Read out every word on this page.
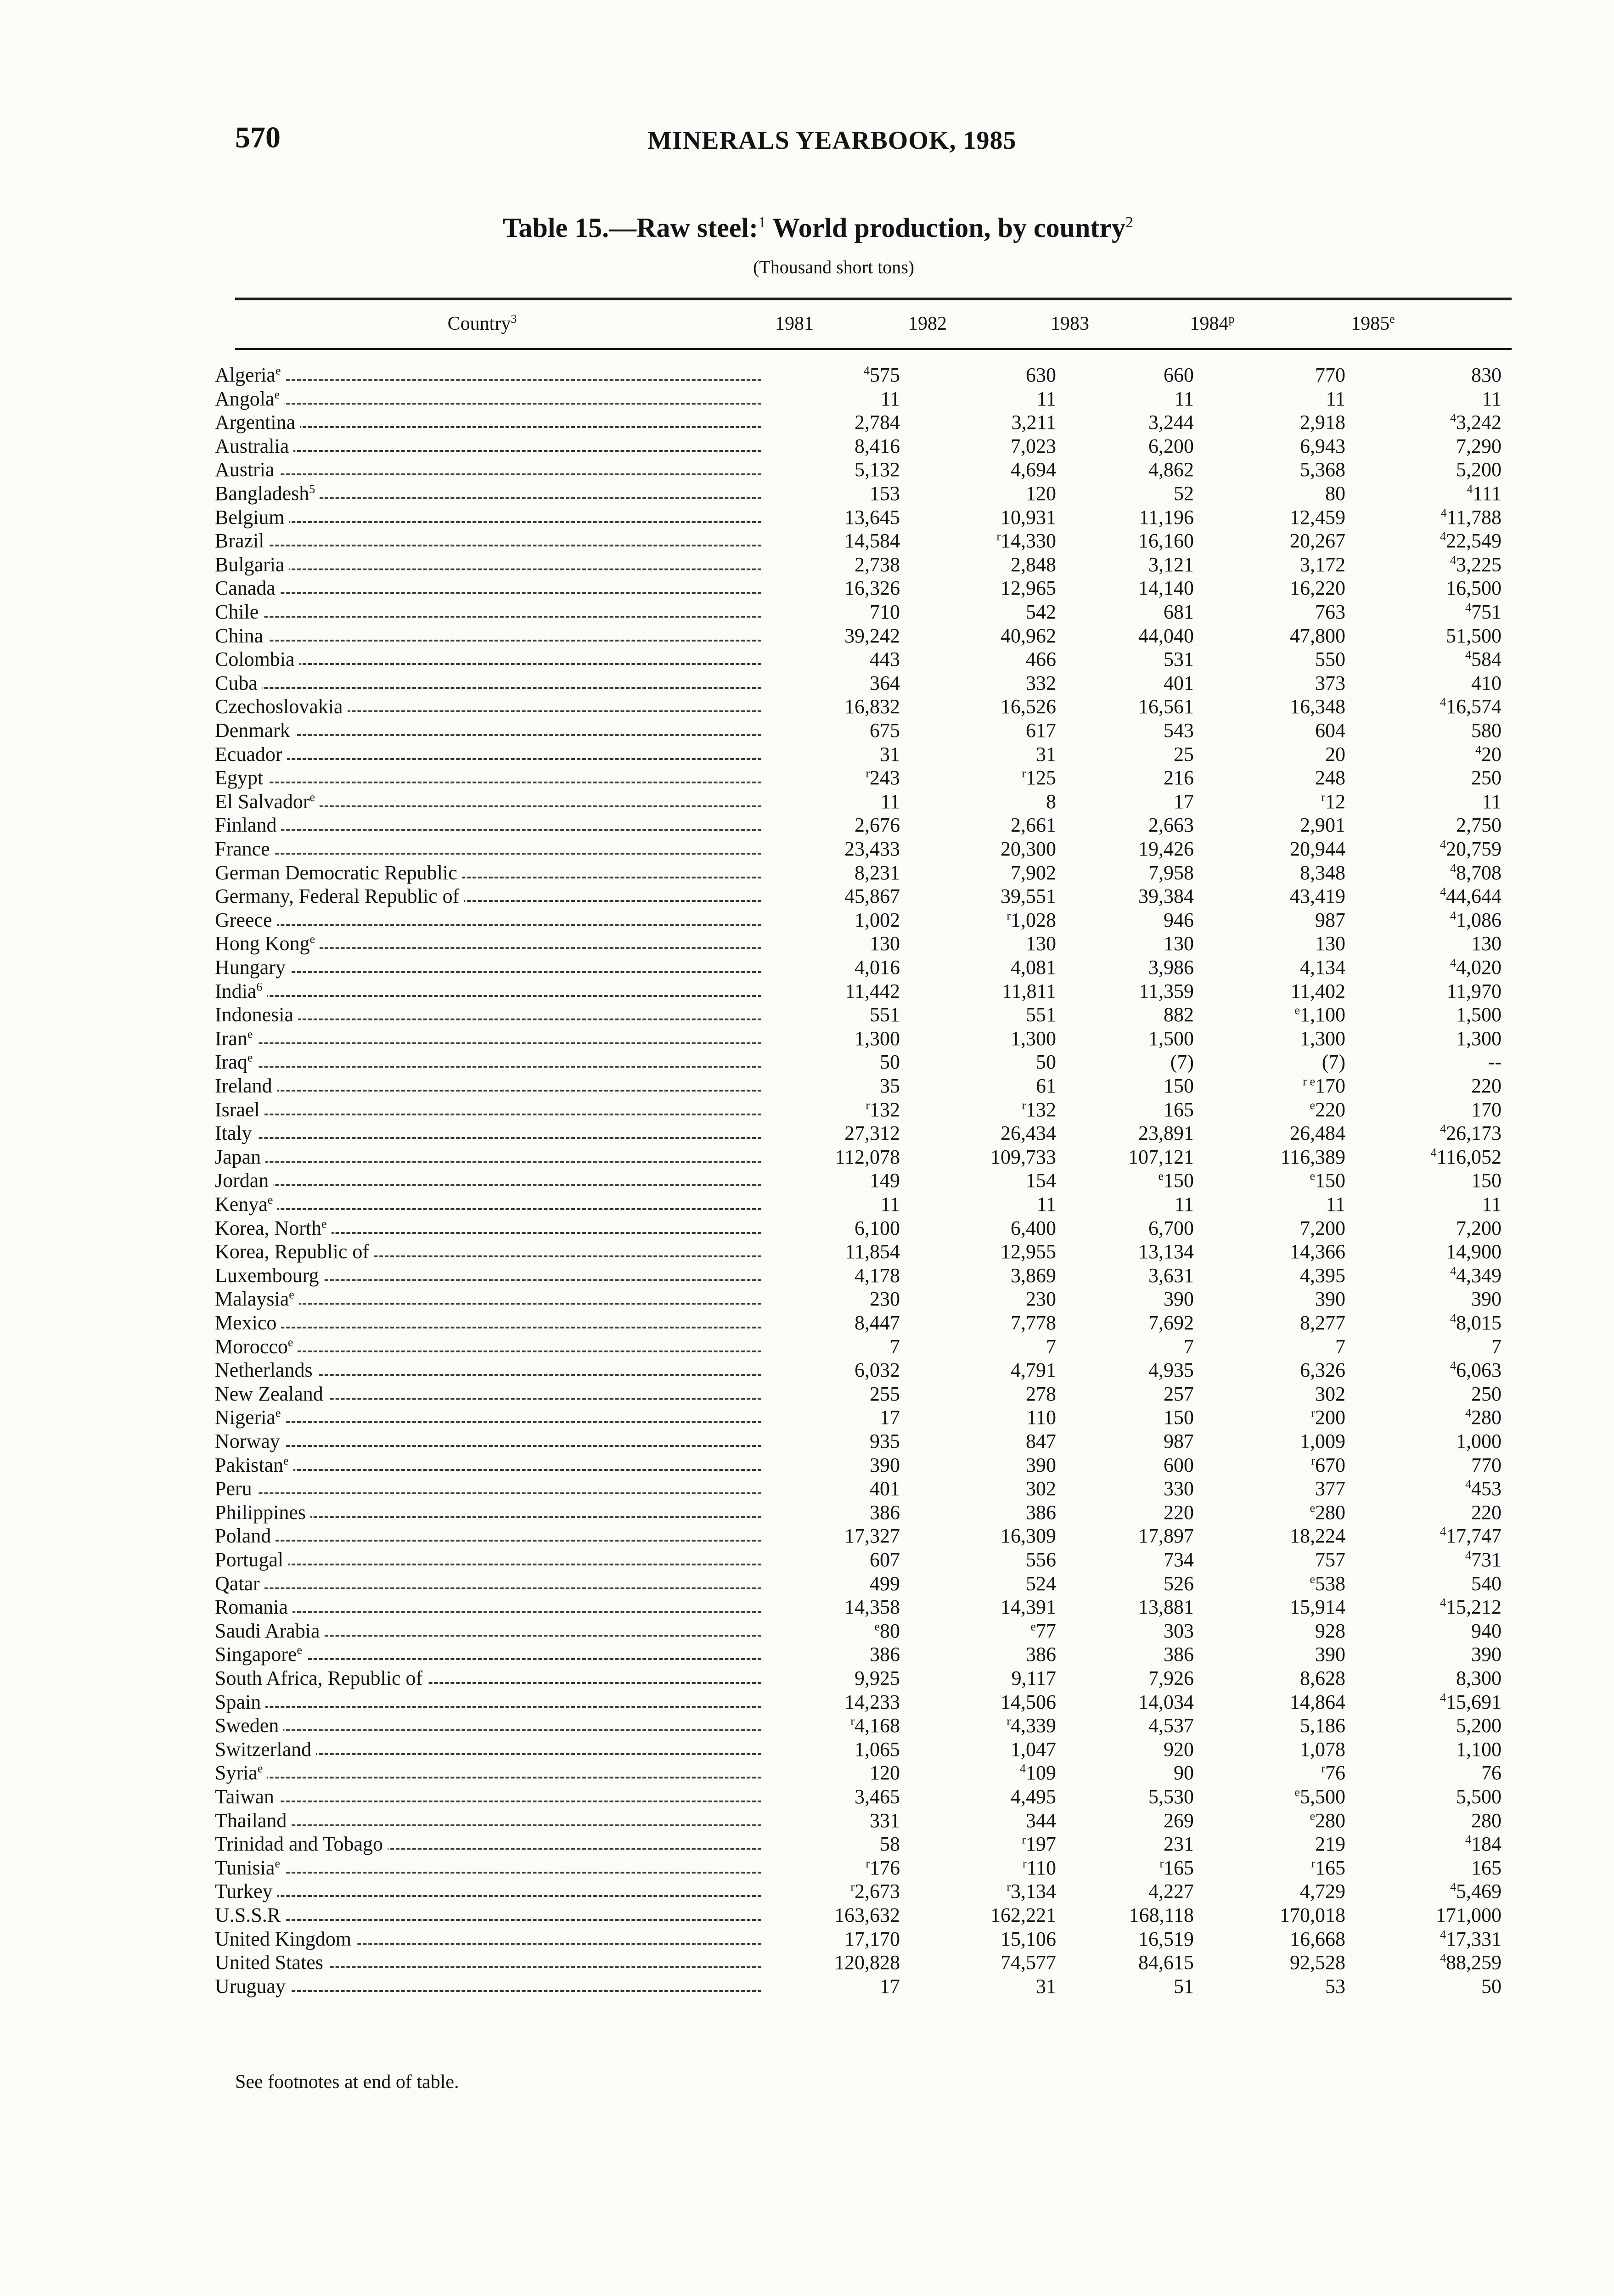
570	MINERALS YEARBOOK, 1985
Table 15.—Raw steel:$^1$ World production, by country$^2$
(Thousand short tons)
Country$^3$	1981	1982	1983	1984$^p$	1985e
Algeria$^e$	$^4$575	630	660	770	830
Angola$^e$	11	11	11	11	11
Argentina	2,784	3,211	3,244	2,918	$^4$3,242
Australia	8,416	7,023	6,200	6,943	7,290
Austria	5,132	4,694	4,862	5,368	5,200
Bangladesh$^5$	153	120	52	80	$^4$111
Belgium	13,645	10,931	11,196	12,459	$^4$11,788
Brazil	14,584	$^r$14,330	16,160	20,267	$^4$22,549
Bulgaria	2,738	2,848	3,121	3,172	$^4$3,225
Canada	16,326	12,965	14,140	16,220	16,500
Chile	710	542	681	763	$^4$751
China	39,242	40,962	44,040	47,800	51,500
Colombia	443	466	531	550	$^4$584
Cuba	364	332	401	373	410
Czechoslovakia	16,832	16,526	16,561	16,348	$^4$16,574
Denmark	675	617	543	604	580
Ecuador	31	31	25	20	$^4$20
Egypt	$^r$243	$^r$125	216	248	250
El Salvador$^e$	11	8	17	$^r$12	11
Finland	2,676	2,661	2,663	2,901	2,750
France	23,433	20,300	19,426	20,944	$^4$20,759
German Democratic Republic	8,231	7,902	7,958	8,348	$^4$8,708
Germany, Federal Republic of	45,867	39,551	39,384	43,419	$^4$44,644
Greece	1,002	$^r$1,028	946	987	$^4$1,086
Hong Kong$^e$	130	130	130	130	130
Hungary	4,016	4,081	3,986	4,134	$^4$4,020
India$^6$	11,442	11,811	11,359	11,402	11,970
Indonesia	551	551	882	$^e$1,100	1,500
Iran$^e$	1,300	1,300	1,500	1,300	1,300
Iraq$^e$	50	50	(7)	(7)	--
Ireland	35	61	150	$^{r e}$170	220
Israel	$^r$132	$^r$132	165	$^e$220	170
Italy	27,312	26,434	23,891	26,484	$^4$26,173
Japan	112,078	109,733	107,121	116,389	$^4$116,052
Jordan	149	154	$^e$150	$^e$150	150
Kenya$^e$	11	11	11	11	11
Korea, North$^e$	6,100	6,400	6,700	7,200	7,200
Korea, Republic of	11,854	12,955	13,134	14,366	14,900
Luxembourg	4,178	3,869	3,631	4,395	$^4$4,349
Malaysia$^e$	230	230	390	390	390
Mexico	8,447	7,778	7,692	8,277	$^4$8,015
Morocco$^e$	7	7	7	7	7
Netherlands	6,032	4,791	4,935	6,326	$^4$6,063
New Zealand	255	278	257	302	250
Nigeria$^e$	17	110	150	$^r$200	$^4$280
Norway	935	847	987	1,009	1,000
Pakistan$^e$	390	390	600	$^r$670	770
Peru	401	302	330	377	$^4$453
Philippines	386	386	220	$^e$280	220
Poland	17,327	16,309	17,897	18,224	$^4$17,747
Portugal	607	556	734	757	$^4$731
Qatar	499	524	526	$^e$538	540
Romania	14,358	14,391	13,881	15,914	$^4$15,212
Saudi Arabia	$^e$80	$^e$77	303	928	940
Singapore$^e$	386	386	386	390	390
South Africa, Republic of	9,925	9,117	7,926	8,628	8,300
Spain	14,233	14,506	14,034	14,864	$^4$15,691
Sweden	$^r$4,168	$^r$4,339	4,537	5,186	5,200
Switzerland	1,065	1,047	920	1,078	1,100
Syria$^e$	120	$^4$109	90	$^r$76	76
Taiwan	3,465	4,495	5,530	$^e$5,500	5,500
Thailand	331	344	269	$^e$280	280
Trinidad and Tobago	58	$^r$197	231	219	$^4$184
Tunisia$^e$	$^r$176	$^r$110	$^r$165	$^r$165	165
Turkey	$^r$2,673	$^r$3,134	4,227	4,729	$^4$5,469
U.S.S.R	163,632	162,221	168,118	170,018	171,000
United Kingdom	17,170	15,106	16,519	16,668	$^4$17,331
United States	120,828	74,577	84,615	92,528	$^4$88,259
Uruguay	17	31	51	53	50
See footnotes at end of table.
